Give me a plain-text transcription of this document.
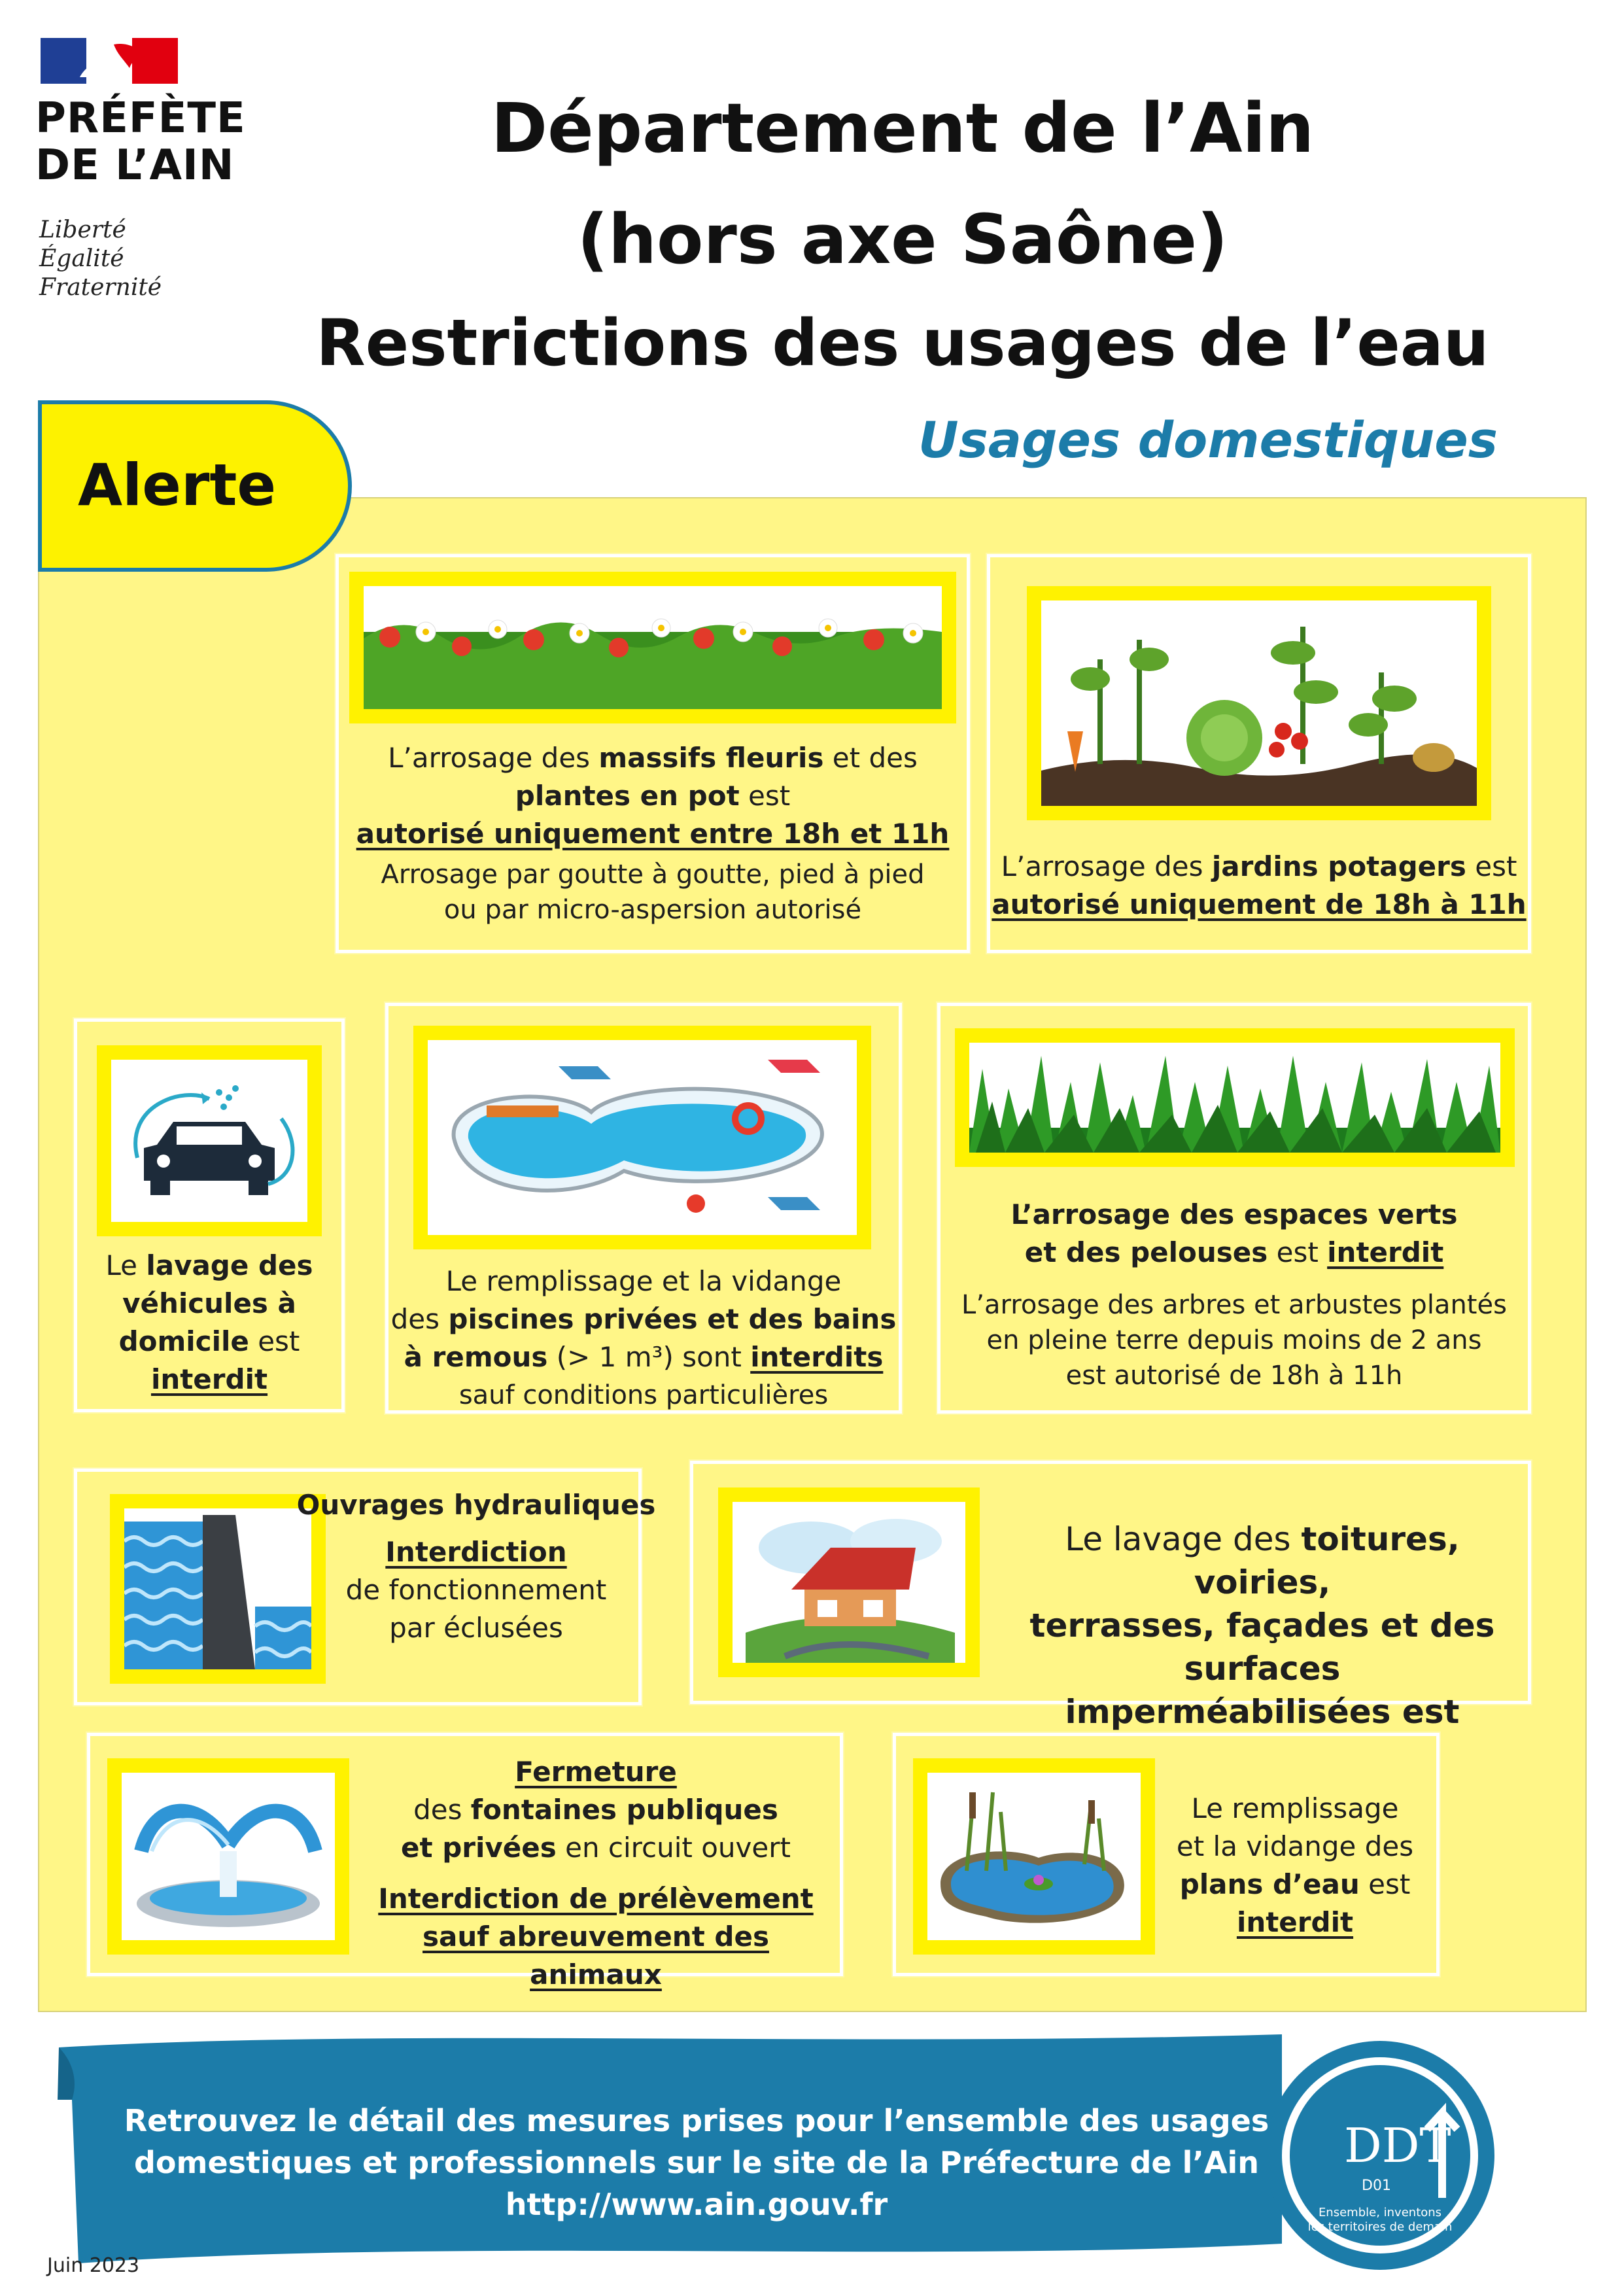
PRÉFÈTE
DE L’AIN
Liberté
Égalité
Fraternité
Département de l’Ain
(hors axe Saône)
Restrictions des usages de l’eau
Usages domestiques
Alerte
L’arrosage des massifs fleuris et des
plantes en pot est
autorisé uniquement entre 18h et 11h
Arrosage par goutte à goutte, pied à pied
ou par micro-aspersion autorisé
L’arrosage des jardins potagers est
autorisé uniquement de 18h à 11h
Le lavage des
véhicules à
domicile est
interdit
Le remplissage et la vidange
des piscines privées et des bains
à remous (> 1 m³) sont interdits
sauf conditions particulières
L’arrosage des espaces verts
et des pelouses est interdit
L’arrosage des arbres et arbustes plantés
en pleine terre depuis moins de 2 ans
est autorisé de 18h à 11h
Ouvrages hydrauliques
Interdiction
de fonctionnement
par éclusées
Le lavage des toitures, voiries,
terrasses, façades et des surfaces
imperméabilisées est
Fermeture
des fontaines publiques
et privées en circuit ouvert
Interdiction de prélèvement
sauf abreuvement des animaux
Le remplissage
et la vidange des
plans d’eau est
interdit
DDT
D01
Ensemble, inventons
les territoires de demain
Retrouvez le détail des mesures prises pour l’ensemble des usages
domestiques et professionnels sur le site de la Préfecture de l’Ain
http://www.ain.gouv.fr
Juin 2023
